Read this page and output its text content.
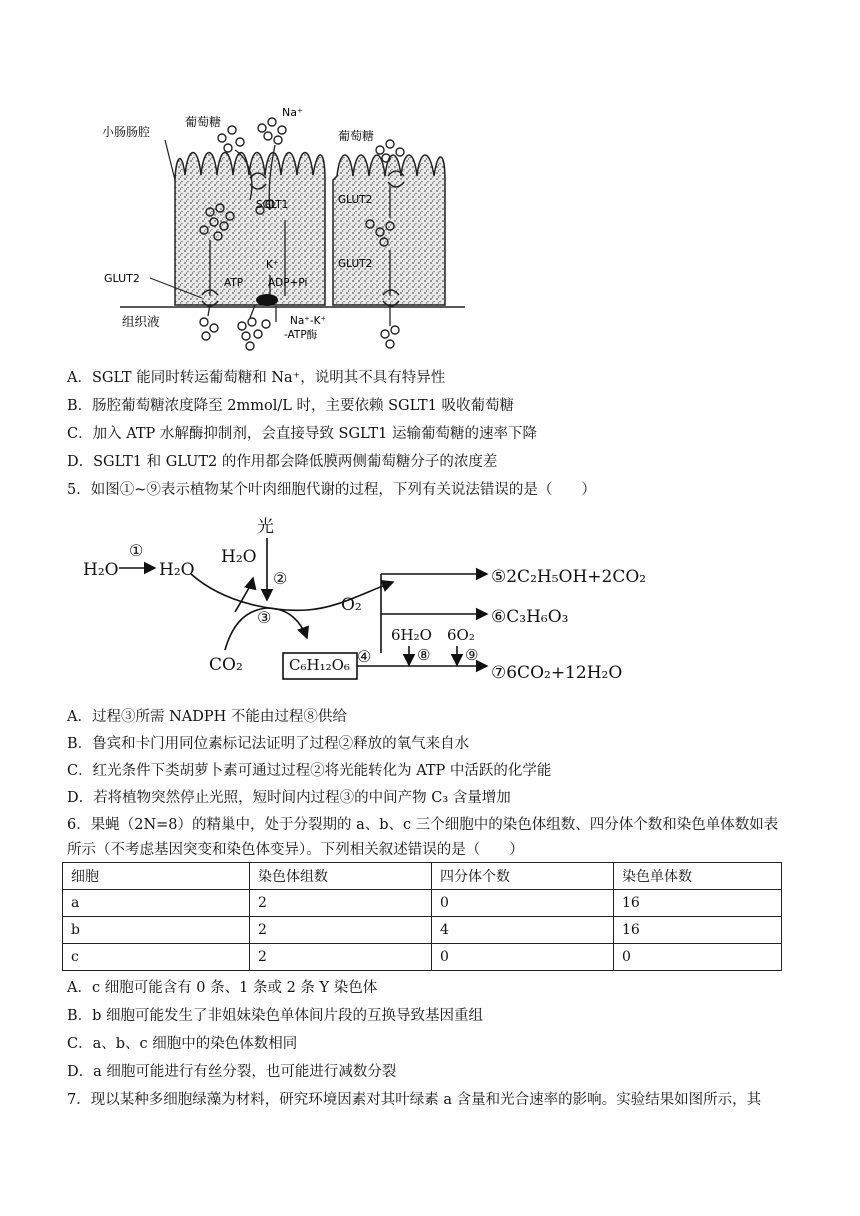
小肠肠腔
葡萄糖
Na⁺
葡萄糖
SGLT1	GLUT2
GLUT2
GLUT2	ATP ADP+Pi
K⁺
组织液	Na⁺-K⁺
-ATP酶
A．SGLT 能同时转运葡萄糖和 Na⁺，说明其不具有特异性
B．肠腔葡萄糖浓度降至 2mmol/L 时，主要依赖 SGLT1 吸收葡萄糖
C．加入 ATP 水解酶抑制剂，会直接导致 SGLT1 运输葡萄糖的速率下降
D．SGLT1 和 GLUT2 的作用都会降低膜两侧葡萄糖分子的浓度差
5．如图①~⑨表示植物某个叶肉细胞代谢的过程，下列有关说法错误的是（　　）
H₂O
①
H₂O
H₂O
光
②
O₂
③
CO₂	C₆H₁₂O₆ ④
⑤2C₂H₅OH+2CO₂
⑥C₃H₆O₃
6H₂O
⑧
6O₂
⑨
⑦6CO₂+12H₂O
A．过程③所需 NADPH 不能由过程⑧供给
B．鲁宾和卡门用同位素标记法证明了过程②释放的氧气来自水
C．红光条件下类胡萝卜素可通过过程②将光能转化为 ATP 中活跃的化学能
D．若将植物突然停止光照，短时间内过程③的中间产物 C₃ 含量增加
6．果蝇（2N=8）的精巢中，处于分裂期的 a、b、c 三个细胞中的染色体组数、四分体个数和染色单体数如表
所示（不考虑基因突变和染色体变异）。下列相关叙述错误的是（　　）
细胞	染色体组数	四分体个数	染色单体数
a	2	0	16
b	2	4	16
c	2	0	0
A．c 细胞可能含有 0 条、1 条或 2 条 Y 染色体
B．b 细胞可能发生了非姐妹染色单体间片段的互换导致基因重组
C．a、b、c 细胞中的染色体数相同
D．a 细胞可能进行有丝分裂，也可能进行减数分裂
7．现以某种多细胞绿藻为材料，研究环境因素对其叶绿素 a 含量和光合速率的影响。实验结果如图所示，其
